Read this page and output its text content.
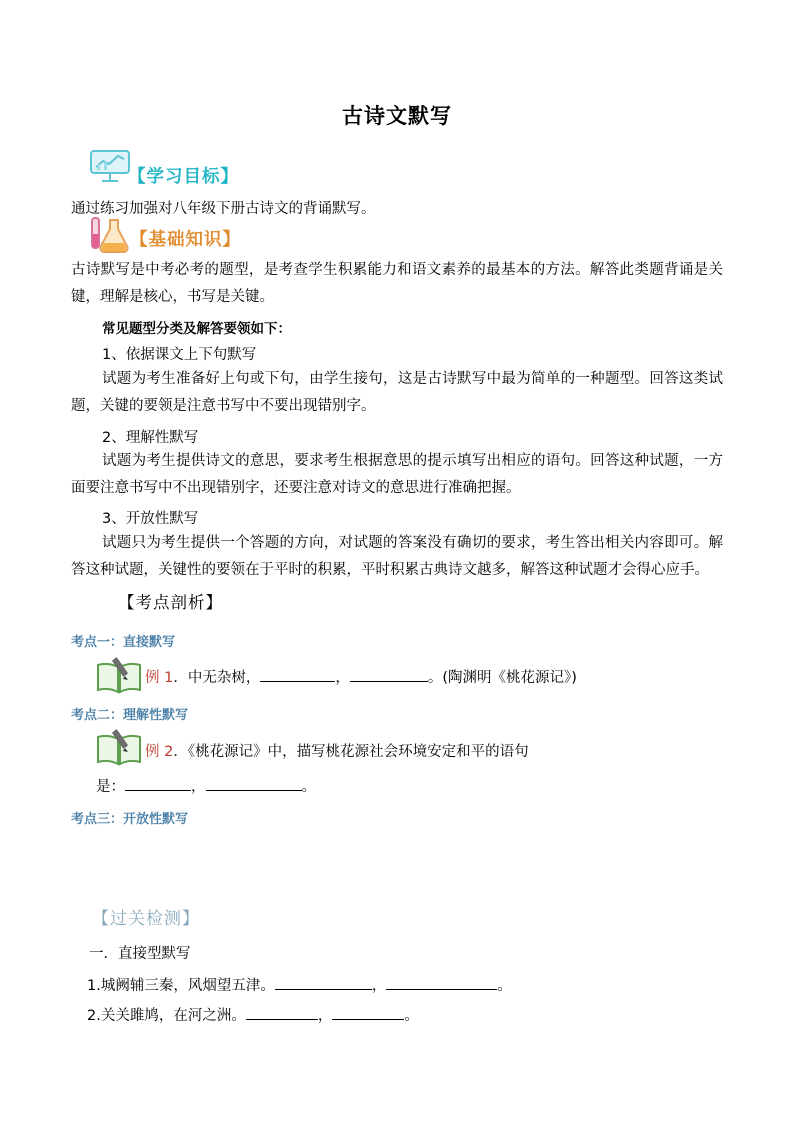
古诗文默写
【学习目标】
通过练习加强对八年级下册古诗文的背诵默写。
【基础知识】
古诗默写是中考必考的题型，是考查学生积累能力和语文素养的最基本的方法。解答此类题背诵是关键，理解是核心，书写是关键。
常见题型分类及解答要领如下：
1、依据课文上下句默写
试题为考生准备好上句或下句，由学生接句，这是古诗默写中最为简单的一种题型。回答这类试题，关键的要领是注意书写中不要出现错别字。
2、理解性默写
试题为考生提供诗文的意思，要求考生根据意思的提示填写出相应的语句。回答这种试题，一方面要注意书写中不出现错别字，还要注意对诗文的意思进行准确把握。
3、开放性默写
试题只为考生提供一个答题的方向，对试题的答案没有确切的要求，考生答出相关内容即可。解答这种试题，关键性的要领在于平时的积累，平时积累古典诗文越多，解答这种试题才会得心应手。
【考点剖析】
考点一：直接默写
例 1．中无杂树，	，	。(陶渊明《桃花源记》)
考点二：理解性默写
例 2．《桃花源记》中，描写桃花源社会环境安定和平的语句
是：	，	。
考点三：开放性默写
【过关检测】
一．直接型默写
1.城阙辅三秦，风烟望五津。	，	。
2.关关雎鸠，在河之洲。	，	。
